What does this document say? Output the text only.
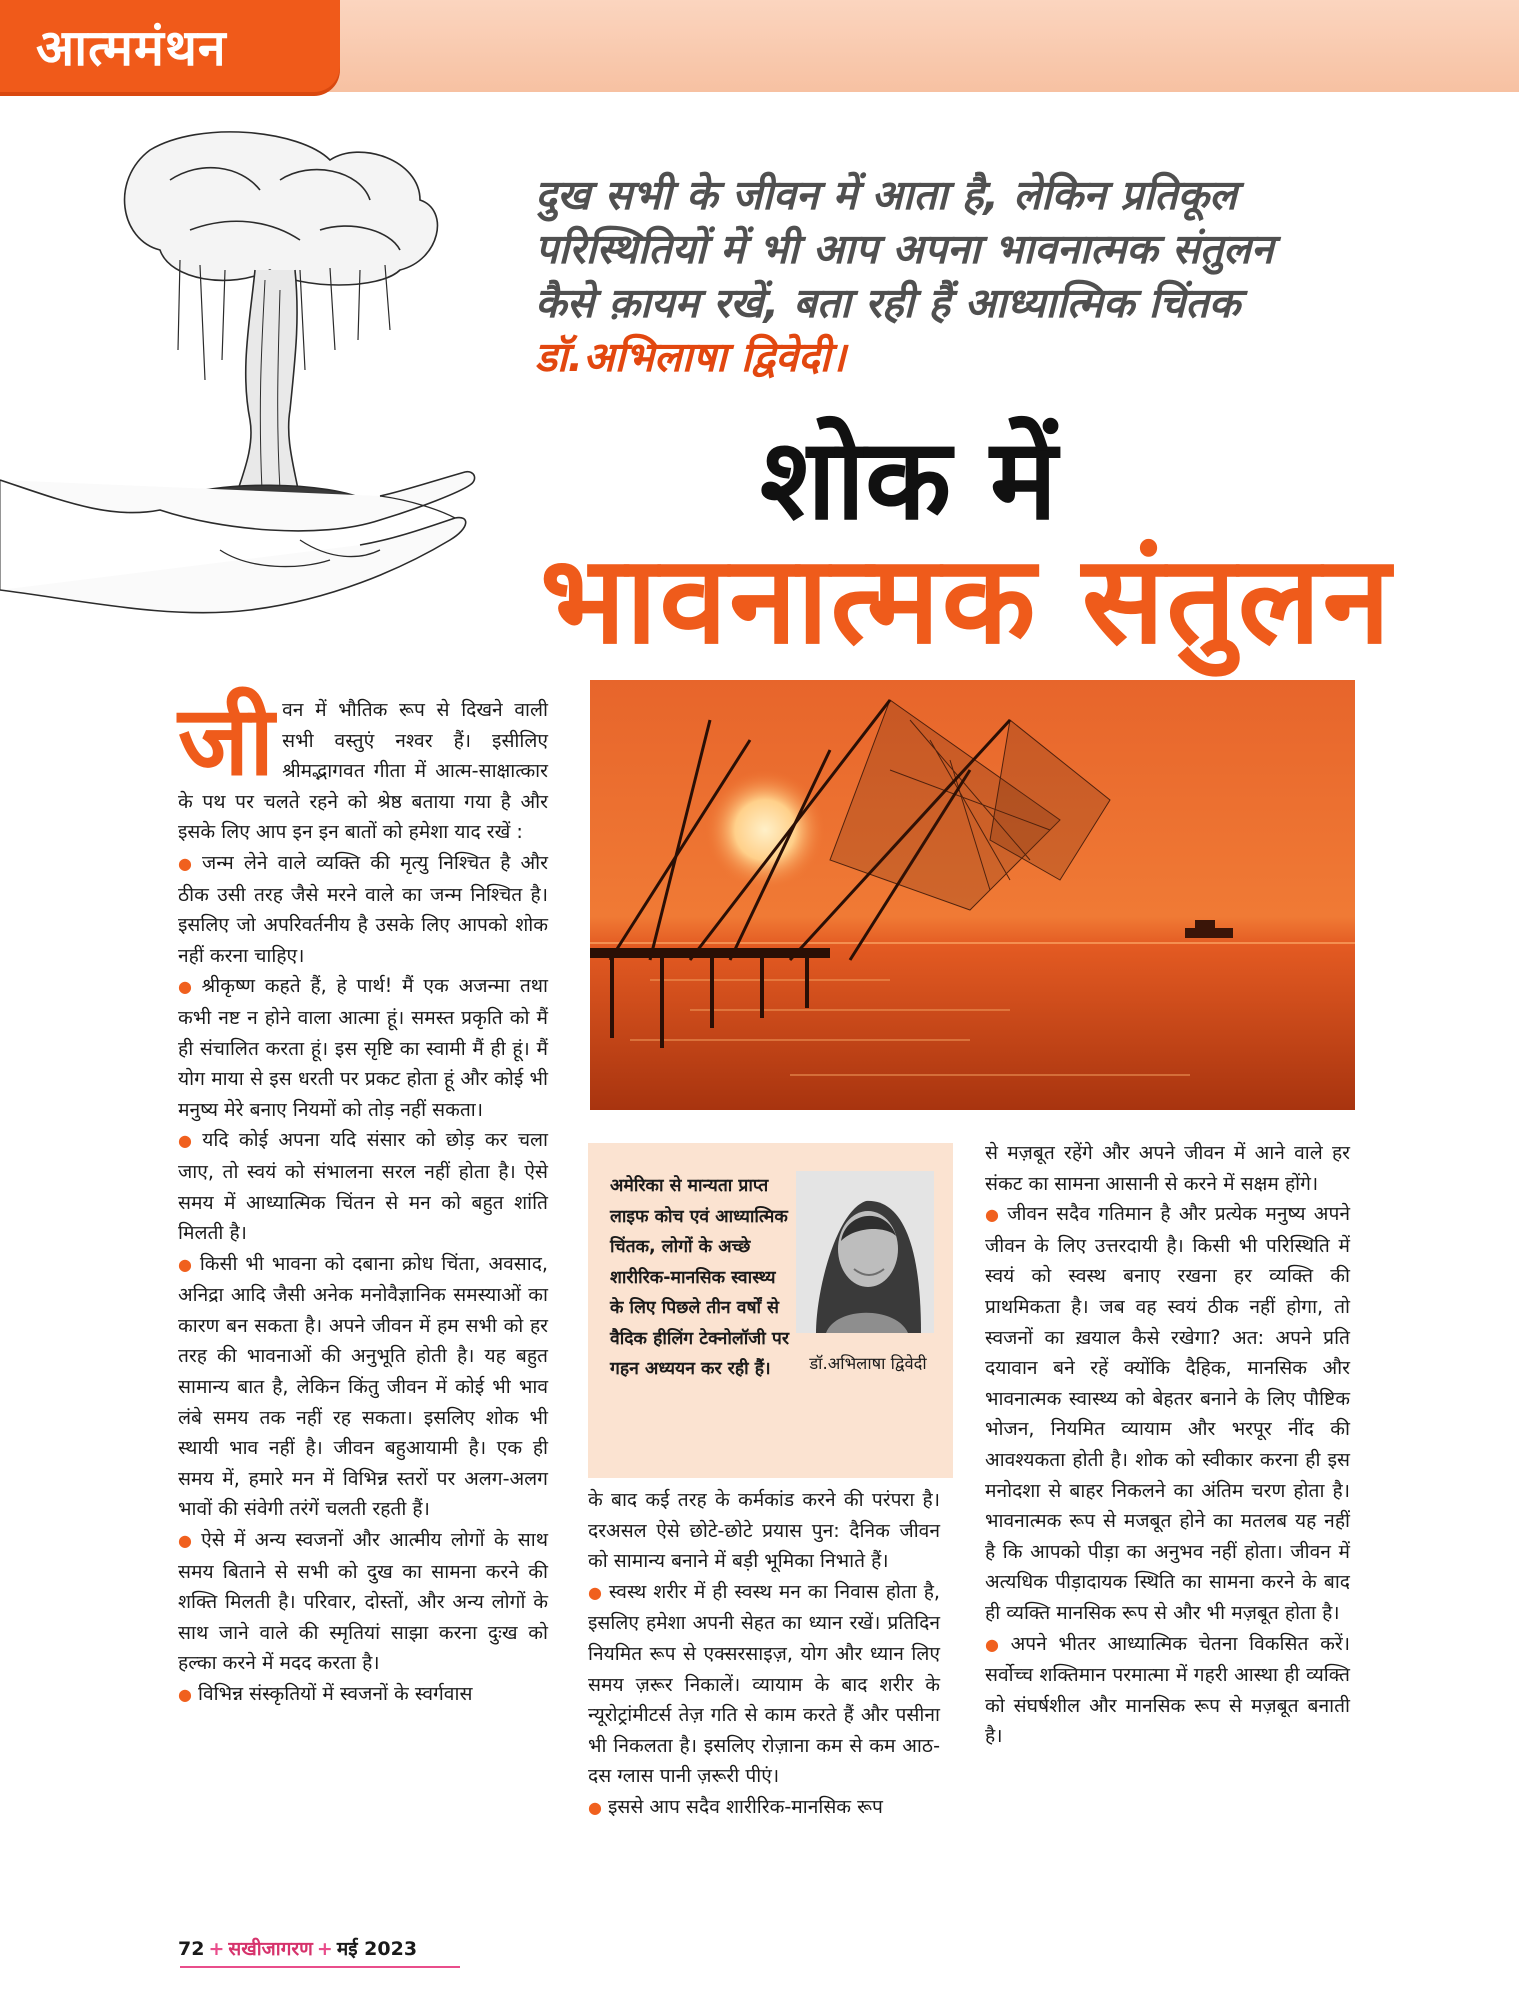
आत्ममंथन
दुख सभी के जीवन में आता है, लेकिन प्रतिकूल
परिस्थितियों में भी आप अपना भावनात्मक संतुलन
कैसे क़ायम रखें, बता रही हैं आध्यात्मिक चिंतक
डॉ.अभिलाषा द्विवेदी।
शोक में
भावनात्मक संतुलन
जी वन में भौतिक रूप से दिखने वाली सभी वस्तुएं नश्वर हैं। इसीलिए श्रीमद्भागवत गीता में आत्म-साक्षात्कार के पथ पर चलते रहने को श्रेष्ठ बताया गया है और इसके लिए आप इन इन बातों को हमेशा याद रखें :

● जन्म लेने वाले व्यक्ति की मृत्यु निश्चित है और ठीक उसी तरह जैसे मरने वाले का जन्म निश्चित है। इसलिए जो अपरिवर्तनीय है उसके लिए आपको शोक नहीं करना चाहिए।

● श्रीकृष्ण कहते हैं, हे पार्थ! मैं एक अजन्मा तथा कभी नष्ट न होने वाला आत्मा हूं। समस्त प्रकृति को मैं ही संचालित करता हूं। इस सृष्टि का स्वामी मैं ही हूं। मैं योग माया से इस धरती पर प्रकट होता हूं और कोई भी मनुष्य मेरे बनाए नियमों को तोड़ नहीं सकता।

● यदि कोई अपना यदि संसार को छोड़ कर चला जाए, तो स्वयं को संभालना सरल नहीं होता है। ऐसे समय में आध्यात्मिक चिंतन से मन को बहुत शांति मिलती है।

● किसी भी भावना को दबाना क्रोध चिंता, अवसाद, अनिद्रा आदि जैसी अनेक मनोवैज्ञानिक समस्याओं का कारण बन सकता है। अपने जीवन में हम सभी को हर तरह की भावनाओं की अनुभूति होती है। यह बहुत सामान्य बात है, लेकिन किंतु जीवन में कोई भी भाव लंबे समय तक नहीं रह सकता। इसलिए शोक भी स्थायी भाव नहीं है। जीवन बहुआयामी है। एक ही समय में, हमारे मन में विभिन्न स्तरों पर अलग-अलग भावों की संवेगी तरंगें चलती रहती हैं।

● ऐसे में अन्य स्वजनों और आत्मीय लोगों के साथ समय बिताने से सभी को दुख का सामना करने की शक्ति मिलती है। परिवार, दोस्तों, और अन्य लोगों के साथ जाने वाले की स्मृतियां साझा करना दुःख को हल्का करने में मदद करता है।

● विभिन्न संस्कृतियों में स्वजनों के स्वर्गवास

अमेरिका से मान्यता प्राप्त लाइफ कोच एवं आध्यात्मिक चिंतक, लोगों के अच्छे शारीरिक-मानसिक स्वास्थ्य के लिए पिछले तीन वर्षों से वैदिक हीलिंग टेक्नोलॉजी पर गहन अध्ययन कर रही हैं।	डॉ.अभिलाषा द्विवेदी

के बाद कई तरह के कर्मकांड करने की परंपरा है। दरअसल ऐसे छोटे-छोटे प्रयास पुन: दैनिक जीवन को सामान्य बनाने में बड़ी भूमिका निभाते हैं।

● स्वस्थ शरीर में ही स्वस्थ मन का निवास होता है, इसलिए हमेशा अपनी सेहत का ध्यान रखें। प्रतिदिन नियमित रूप से एक्सरसाइज़, योग और ध्यान लिए समय ज़रूर निकालें। व्यायाम के बाद शरीर के न्यूरोट्रांमीटर्स तेज़ गति से काम करते हैं और पसीना भी निकलता है। इसलिए रोज़ाना कम से कम आठ-दस ग्लास पानी ज़रूरी पीएं।

● इससे आप सदैव शारीरिक-मानसिक रूप

से मज़बूत रहेंगे और अपने जीवन में आने वाले हर संकट का सामना आसानी से करने में सक्षम होंगे।

● जीवन सदैव गतिमान है और प्रत्येक मनुष्य अपने जीवन के लिए उत्तरदायी है। किसी भी परिस्थिति में स्वयं को स्वस्थ बनाए रखना हर व्यक्ति की प्राथमिकता है। जब वह स्वयं ठीक नहीं होगा, तो स्वजनों का ख़याल कैसे रखेगा? अत: अपने प्रति दयावान बने रहें क्योंकि दैहिक, मानसिक और भावनात्मक स्वास्थ्य को बेहतर बनाने के लिए पौष्टिक भोजन, नियमित व्यायाम और भरपूर नींद की आवश्यकता होती है। शोक को स्वीकार करना ही इस मनोदशा से बाहर निकलने का अंतिम चरण होता है। भावनात्मक रूप से मजबूत होने का मतलब यह नहीं है कि आपको पीड़ा का अनुभव नहीं होता। जीवन में अत्यधिक पीड़ादायक स्थिति का सामना करने के बाद ही व्यक्ति मानसिक रूप से और भी मज़बूत होता है।

● अपने भीतर आध्यात्मिक चेतना विकसित करें। सर्वोच्च शक्तिमान परमात्मा में गहरी आस्था ही व्यक्ति को संघर्षशील और मानसिक रूप से मज़बूत बनाती है।

72 + सखीजागरण + मई 2023
